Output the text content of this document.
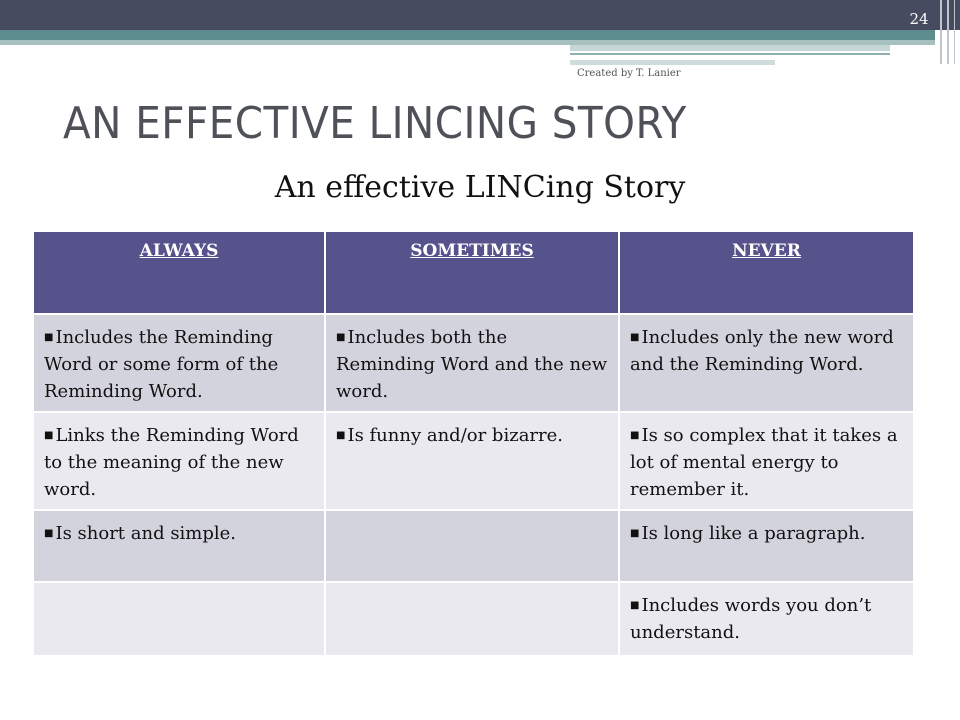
24
Created by T. Lanier
AN EFFECTIVE LINCING STORY
An effective LINCing Story
ALWAYS	SOMETIMES	NEVER
■ Includes the Reminding Word or some form of the Reminding Word.	■ Includes both the Reminding Word and the new word.	■ Includes only the new word and the Reminding Word.
■ Links the Reminding Word to the meaning of the new word.	■ Is funny and/or bizarre.	■ Is so complex that it takes a lot of mental energy to remember it.
■ Is short and simple.		■ Is long like a paragraph.
		■ Includes words you don’t understand.
